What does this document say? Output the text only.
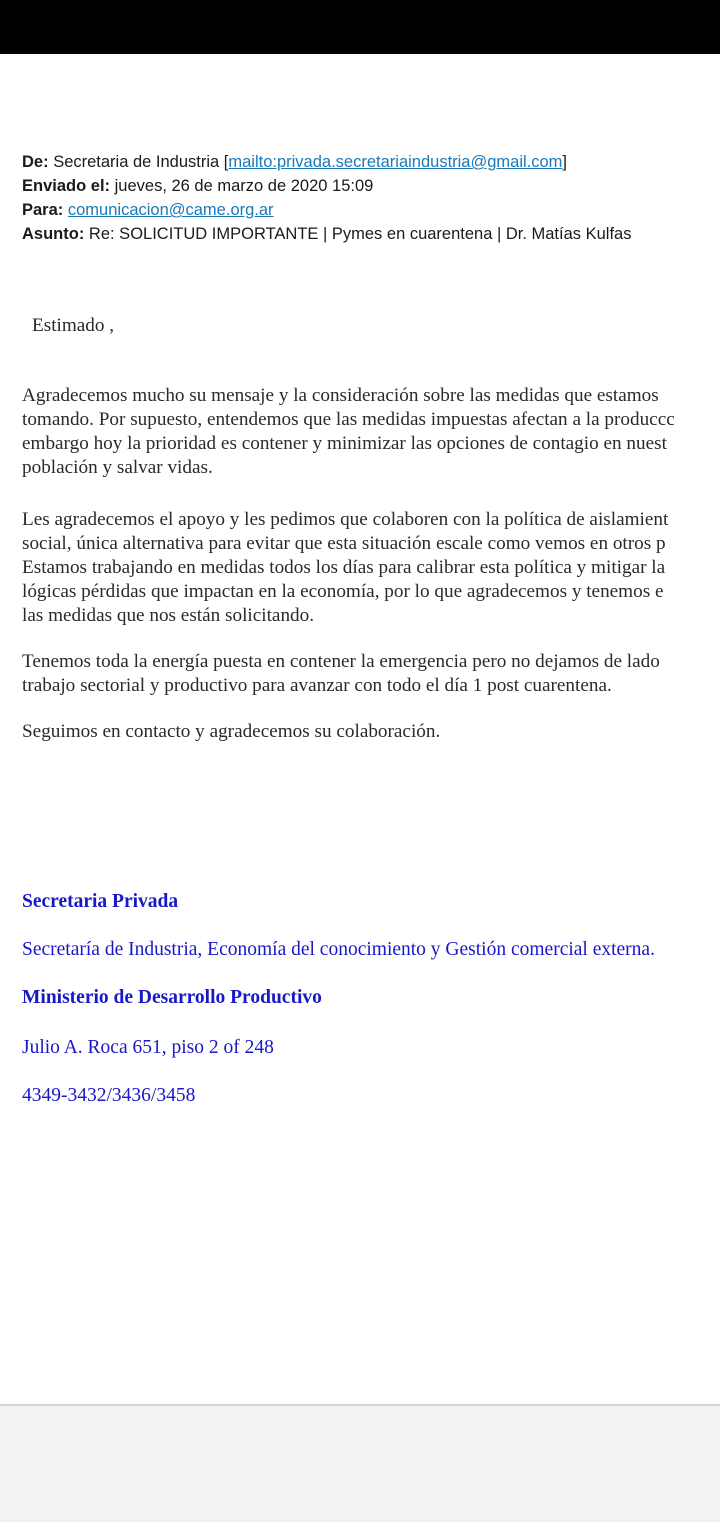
De: Secretaria de Industria [mailto:privada.secretariaindustria@gmail.com]
Enviado el: jueves, 26 de marzo de 2020 15:09
Para: comunicacion@came.org.ar
Asunto: Re: SOLICITUD IMPORTANTE | Pymes en cuarentena | Dr. Matías Kulfas
Estimado ,
Agradecemos mucho su mensaje y la consideración sobre las medidas que estamos
tomando. Por supuesto, entendemos que las medidas impuestas afectan a la produccc
embargo hoy la prioridad es contener y minimizar las opciones de contagio en nuest
población y salvar vidas.
Les agradecemos el apoyo y les pedimos que colaboren con la política de aislamient
social, única alternativa para evitar que esta situación escale como vemos en otros p
Estamos trabajando en medidas todos los días para calibrar esta política y mitigar la
lógicas pérdidas que impactan en la economía, por lo que agradecemos y tenemos e
las medidas que nos están solicitando.
Tenemos toda la energía puesta en contener la emergencia pero no dejamos de lado
trabajo sectorial y productivo para avanzar con todo el día 1 post cuarentena.
Seguimos en contacto y agradecemos su colaboración.
Secretaria Privada
Secretaría de Industria, Economía del conocimiento y Gestión comercial externa.
Ministerio de Desarrollo Productivo
Julio A. Roca 651, piso 2 of 248
4349-3432/3436/3458
